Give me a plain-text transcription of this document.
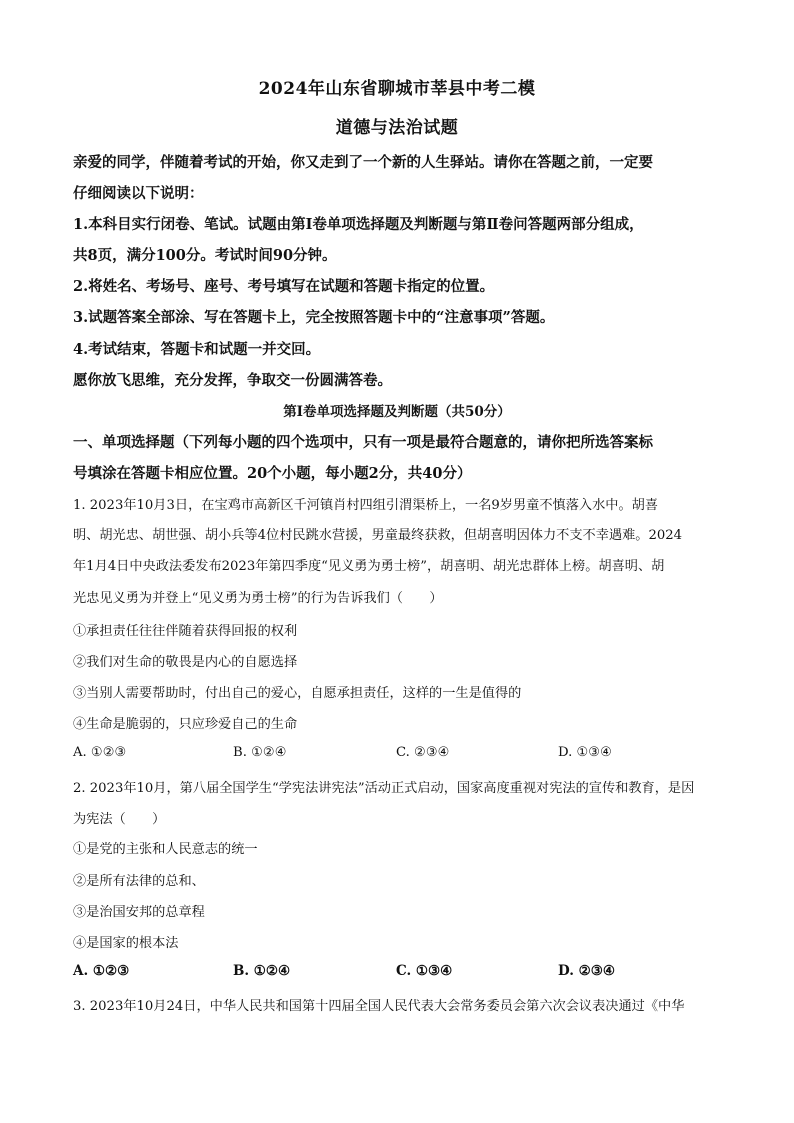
2024年山东省聊城市莘县中考二模
道德与法治试题
亲爱的同学，伴随着考试的开始，你又走到了一个新的人生驿站。请你在答题之前，一定要
仔细阅读以下说明：
1.本科目实行闭卷、笔试。试题由第Ⅰ卷单项选择题及判断题与第Ⅱ卷问答题两部分组成，
共8页，满分100分。考试时间90分钟。
2.将姓名、考场号、座号、考号填写在试题和答题卡指定的位置。
3.试题答案全部涂、写在答题卡上，完全按照答题卡中的“注意事项”答题。
4.考试结束，答题卡和试题一并交回。
愿你放飞思维，充分发挥，争取交一份圆满答卷。
第Ⅰ卷单项选择题及判断题（共50分）
一、单项选择题（下列每小题的四个选项中，只有一项是最符合题意的，请你把所选答案标
号填涂在答题卡相应位置。20个小题，每小题2分，共40分）
1. 2023年10月3日，在宝鸡市高新区千河镇肖村四组引渭渠桥上，一名9岁男童不慎落入水中。胡喜
明、胡光忠、胡世强、胡小兵等4位村民跳水营援，男童最终获救，但胡喜明因体力不支不幸遇难。2024
年1月4日中央政法委发布2023年第四季度“见义勇为勇士榜”，胡喜明、胡光忠群体上榜。胡喜明、胡
光忠见义勇为并登上“见义勇为勇士榜”的行为告诉我们（　　）
①承担责任往往伴随着获得回报的权利
②我们对生命的敬畏是内心的自愿选择
③当别人需要帮助时，付出自己的爱心，自愿承担责任，这样的一生是值得的
④生命是脆弱的，只应珍爱自己的生命
A. ①②③	B. ①②④	C. ②③④	D. ①③④
2. 2023年10月，第八届全国学生“学宪法讲宪法”活动正式启动，国家高度重视对宪法的宣传和教育，是因
为宪法（　　）
①是党的主张和人民意志的统一
②是所有法律的总和、
③是治国安邦的总章程
④是国家的根本法
A. ①②③	B. ①②④	C. ①③④	D. ②③④
3. 2023年10月24日，中华人民共和国第十四届全国人民代表大会常务委员会第六次会议表决通过《中华
